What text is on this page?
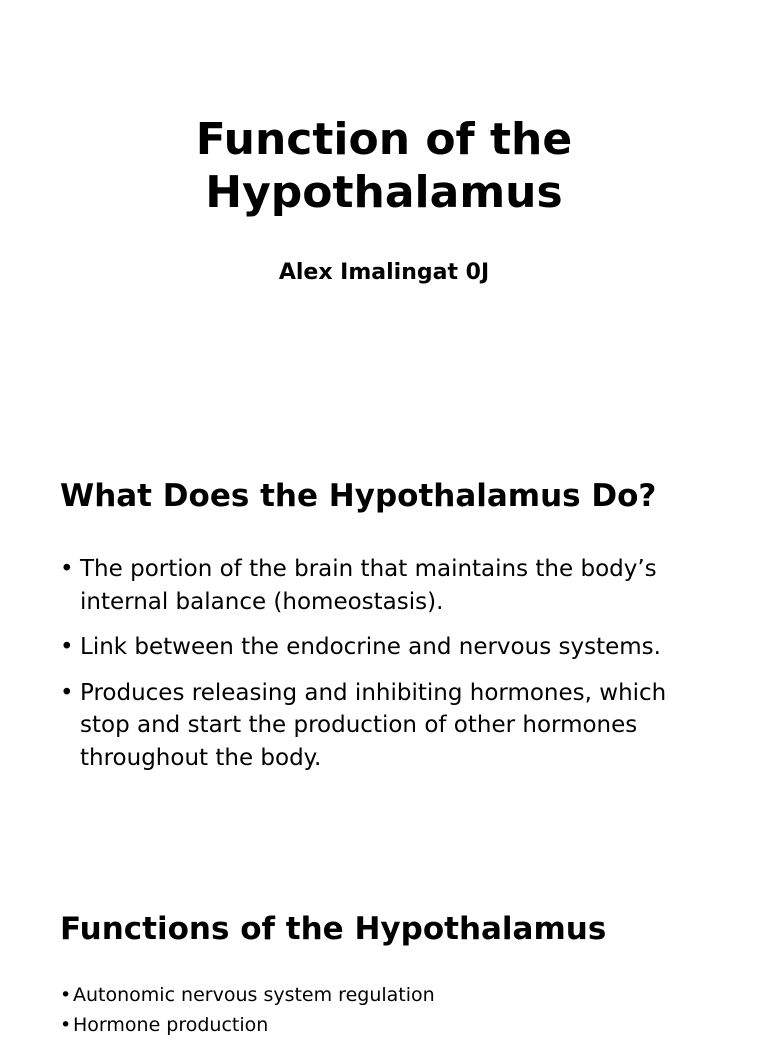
Function of the
Hypothalamus

Alex Imalingat 0J

What Does the Hypothalamus Do?
• The portion of the brain that maintains the body’s internal balance (homeostasis).
• Link between the endocrine and nervous systems.
• Produces releasing and inhibiting hormones, which stop and start the production of other hormones throughout the body.
Functions of the Hypothalamus
• Autonomic nervous system regulation
• Hormone production
